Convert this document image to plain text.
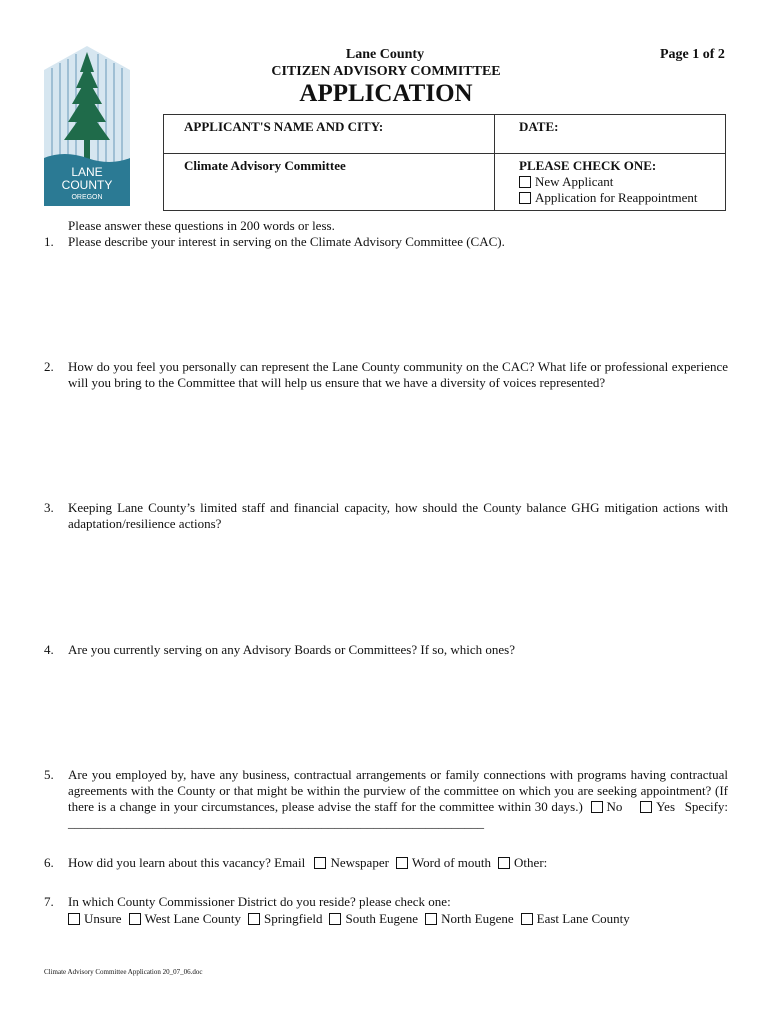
LANE
COUNTY
OREGON
Lane County
CITIZEN ADVISORY COMMITTEE
APPLICATION
Page 1 of 2
APPLICANT'S NAME AND CITY:	DATE:
Climate Advisory Committee	PLEASE CHECK ONE:
New Applicant
Application for Reappointment
Please answer these questions in 200 words or less.
1. Please describe your interest in serving on the Climate Advisory Committee (CAC).
2. How do you feel you personally can represent the Lane County community on the CAC? What life or professional experience will you bring to the Committee that will help us ensure that we have a diversity of voices represented?
3. Keeping Lane County’s limited staff and financial capacity, how should the County balance GHG mitigation actions with adaptation/resilience actions?
4. Are you currently serving on any Advisory Boards or Committees? If so, which ones?
5. Are you employed by, have any business, contractual arrangements or family connections with programs having contractual agreements with the County or that might be within the purview of the committee on which you are seeking appointment? (If there is a change in your circumstances, please advise the staff for the committee within 30 days.) No	Yes Specify: ________________________________________________________________
6. How did you learn about this vacancy? Email Newspaper Word of mouth Other:
7. In which County Commissioner District do you reside? please check one:
Unsure West Lane County Springfield South Eugene North Eugene East Lane County
Climate Advisory Committee Application 20_07_06.doc
